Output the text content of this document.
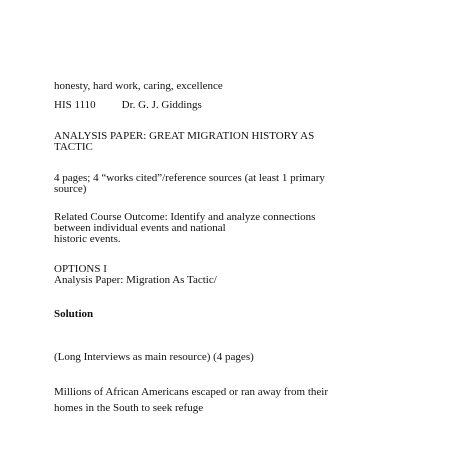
honesty, hard work, caring, excellence
HIS 1110 Dr. G. J. Giddings
ANALYSIS PAPER: GREAT MIGRATION HISTORY AS
TACTIC
4 pages; 4 “works cited”/reference sources (at least 1 primary
source)
Related Course Outcome: Identify and analyze connections
between individual events and national
historic events.
OPTIONS I
Analysis Paper: Migration As Tactic/
Solution
(Long Interviews as main resource) (4 pages)
Millions of African Americans escaped or ran away from their
homes in the South to seek refuge
